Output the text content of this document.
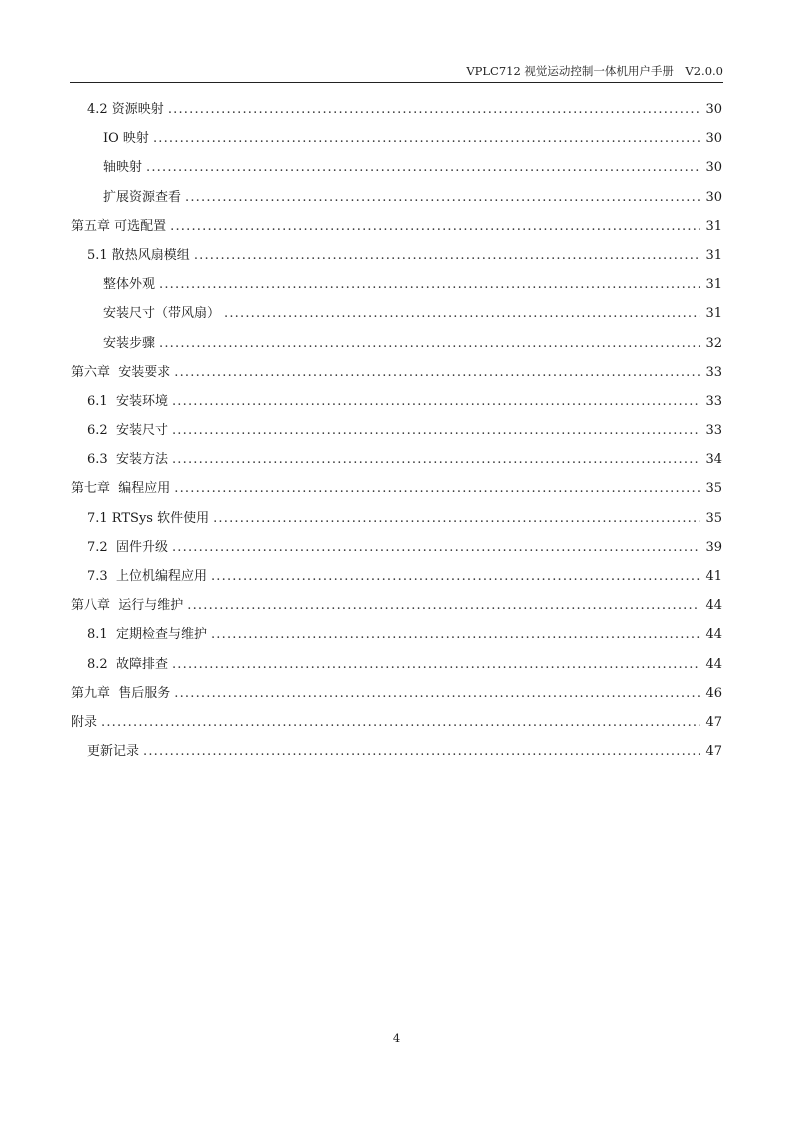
VPLC712 视觉运动控制一体机用户手册　V2.0.0
4.2 资源映射 .....	30
IO 映射 .....	30
轴映射 .....	30
扩展资源查看 .....	30
第五章 可选配置 .....	31
5.1 散热风扇模组 .....	31
整体外观 .....	31
安装尺寸（带风扇） .....	31
安装步骤 .....	32
第六章  安装要求 .....	33
6.1  安装环境 .....	33
6.2  安装尺寸 .....	33
6.3  安装方法 .....	34
第七章  编程应用 .....	35
7.1 RTSys 软件使用 .....	35
7.2  固件升级 .....	39
7.3  上位机编程应用 .....	41
第八章  运行与维护 .....	44
8.1  定期检查与维护 .....	44
8.2  故障排查 .....	44
第九章  售后服务 .....	46
附录 .....	47
更新记录 .....	47
4
